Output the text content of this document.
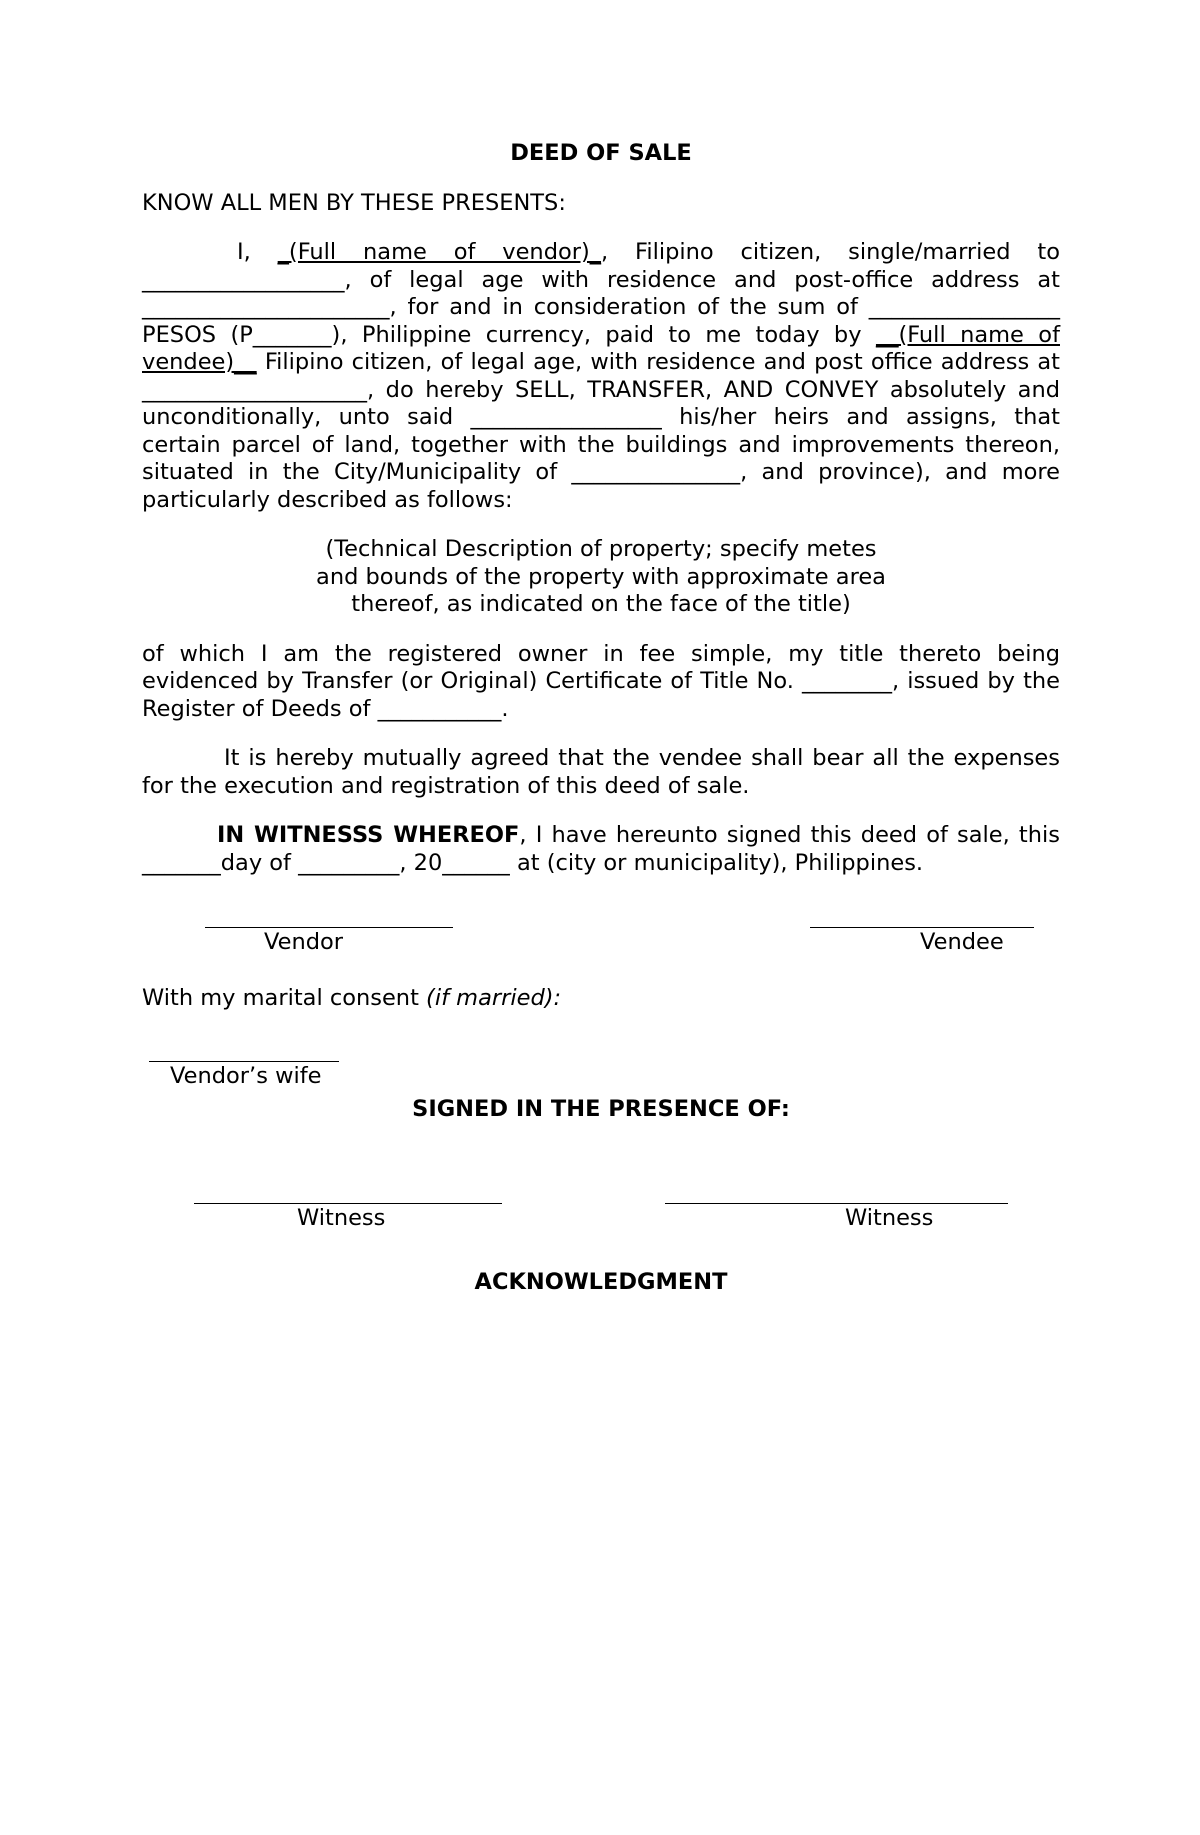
DEED OF SALE

KNOW ALL MEN BY THESE PRESENTS:

I, _(Full name of vendor)_, Filipino citizen, single/married to __________________, of legal age with residence and post-office address at ______________________, for and in consideration of the sum of _________________ PESOS (P_______), Philippine currency, paid to me today by __(Full name of vendee)__ Filipino citizen, of legal age, with residence and post office address at ____________________, do hereby SELL, TRANSFER, AND CONVEY absolutely and unconditionally, unto said _________________ his/her heirs and assigns, that certain parcel of land, together with the buildings and improvements thereon, situated in the City/Municipality of _______________, and province), and more particularly described as follows:

(Technical Description of property; specify metes
and bounds of the property with approximate area
thereof, as indicated on the face of the title)

of which I am the registered owner in fee simple, my title thereto being evidenced by Transfer (or Original) Certificate of Title No. ________, issued by the Register of Deeds of ___________.

It is hereby mutually agreed that the vendee shall bear all the expenses for the execution and registration of this deed of sale.

IN WITNESSS WHEREOF, I have hereunto signed this deed of sale, this _______day of _________, 20______ at (city or municipality), Philippines.

Vendor	Vendee

With my marital consent (if married):

Vendor’s wife

SIGNED IN THE PRESENCE OF:

Witness	Witness

ACKNOWLEDGMENT
